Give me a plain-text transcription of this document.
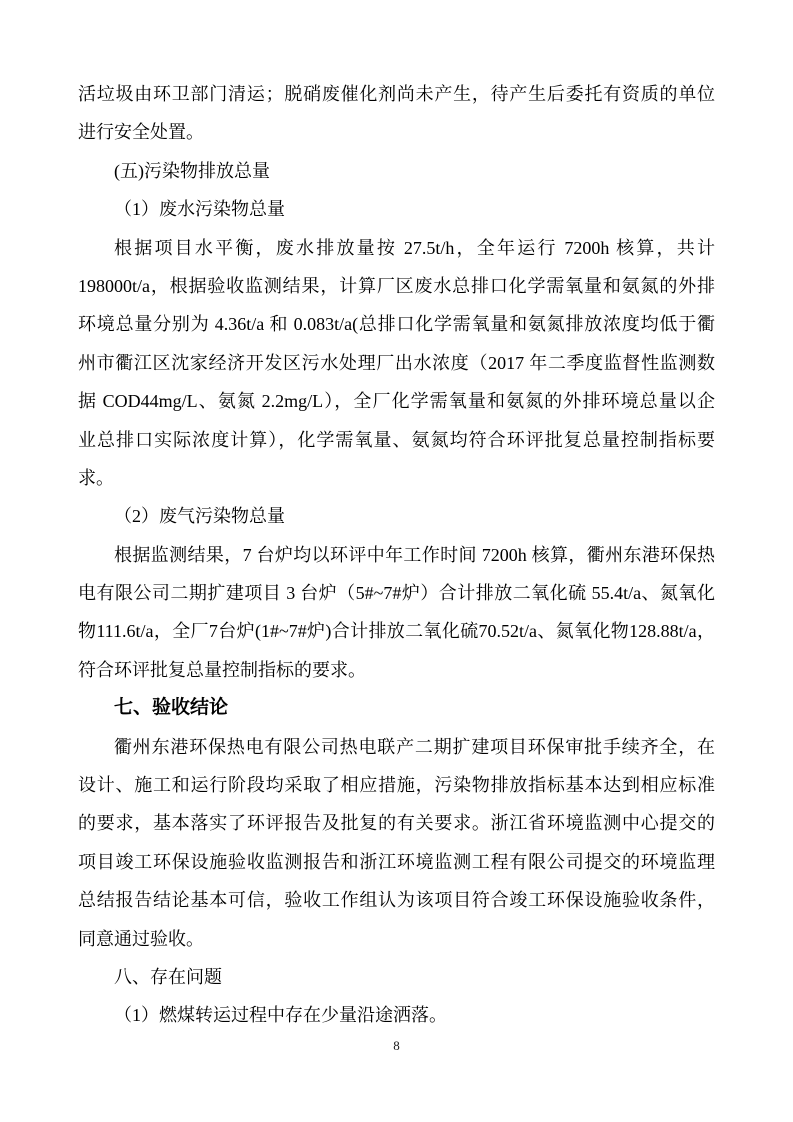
活垃圾由环卫部门清运；脱硝废催化剂尚未产生，待产生后委托有资质的单位
进行安全处置。
(五)污染物排放总量
（1）废水污染物总量
根据项目水平衡，废水排放量按 27.5t/h，全年运行 7200h 核算，共计
198000t/a，根据验收监测结果，计算厂区废水总排口化学需氧量和氨氮的外排
环境总量分别为 4.36t/a 和 0.083t/a(总排口化学需氧量和氨氮排放浓度均低于衢
州市衢江区沈家经济开发区污水处理厂出水浓度（2017 年二季度监督性监测数
据 COD44mg/L、氨氮 2.2mg/L），全厂化学需氧量和氨氮的外排环境总量以企
业总排口实际浓度计算），化学需氧量、氨氮均符合环评批复总量控制指标要
求。
（2）废气污染物总量
根据监测结果，7 台炉均以环评中年工作时间 7200h 核算，衢州东港环保热
电有限公司二期扩建项目 3 台炉（5#~7#炉）合计排放二氧化硫 55.4t/a、氮氧化
物111.6t/a，全厂7台炉(1#~7#炉)合计排放二氧化硫70.52t/a、氮氧化物128.88t/a，
符合环评批复总量控制指标的要求。
七、验收结论
衢州东港环保热电有限公司热电联产二期扩建项目环保审批手续齐全，在
设计、施工和运行阶段均采取了相应措施，污染物排放指标基本达到相应标准
的要求，基本落实了环评报告及批复的有关要求。浙江省环境监测中心提交的
项目竣工环保设施验收监测报告和浙江环境监测工程有限公司提交的环境监理
总结报告结论基本可信，验收工作组认为该项目符合竣工环保设施验收条件，
同意通过验收。
八、存在问题
（1）燃煤转运过程中存在少量沿途洒落。
8
